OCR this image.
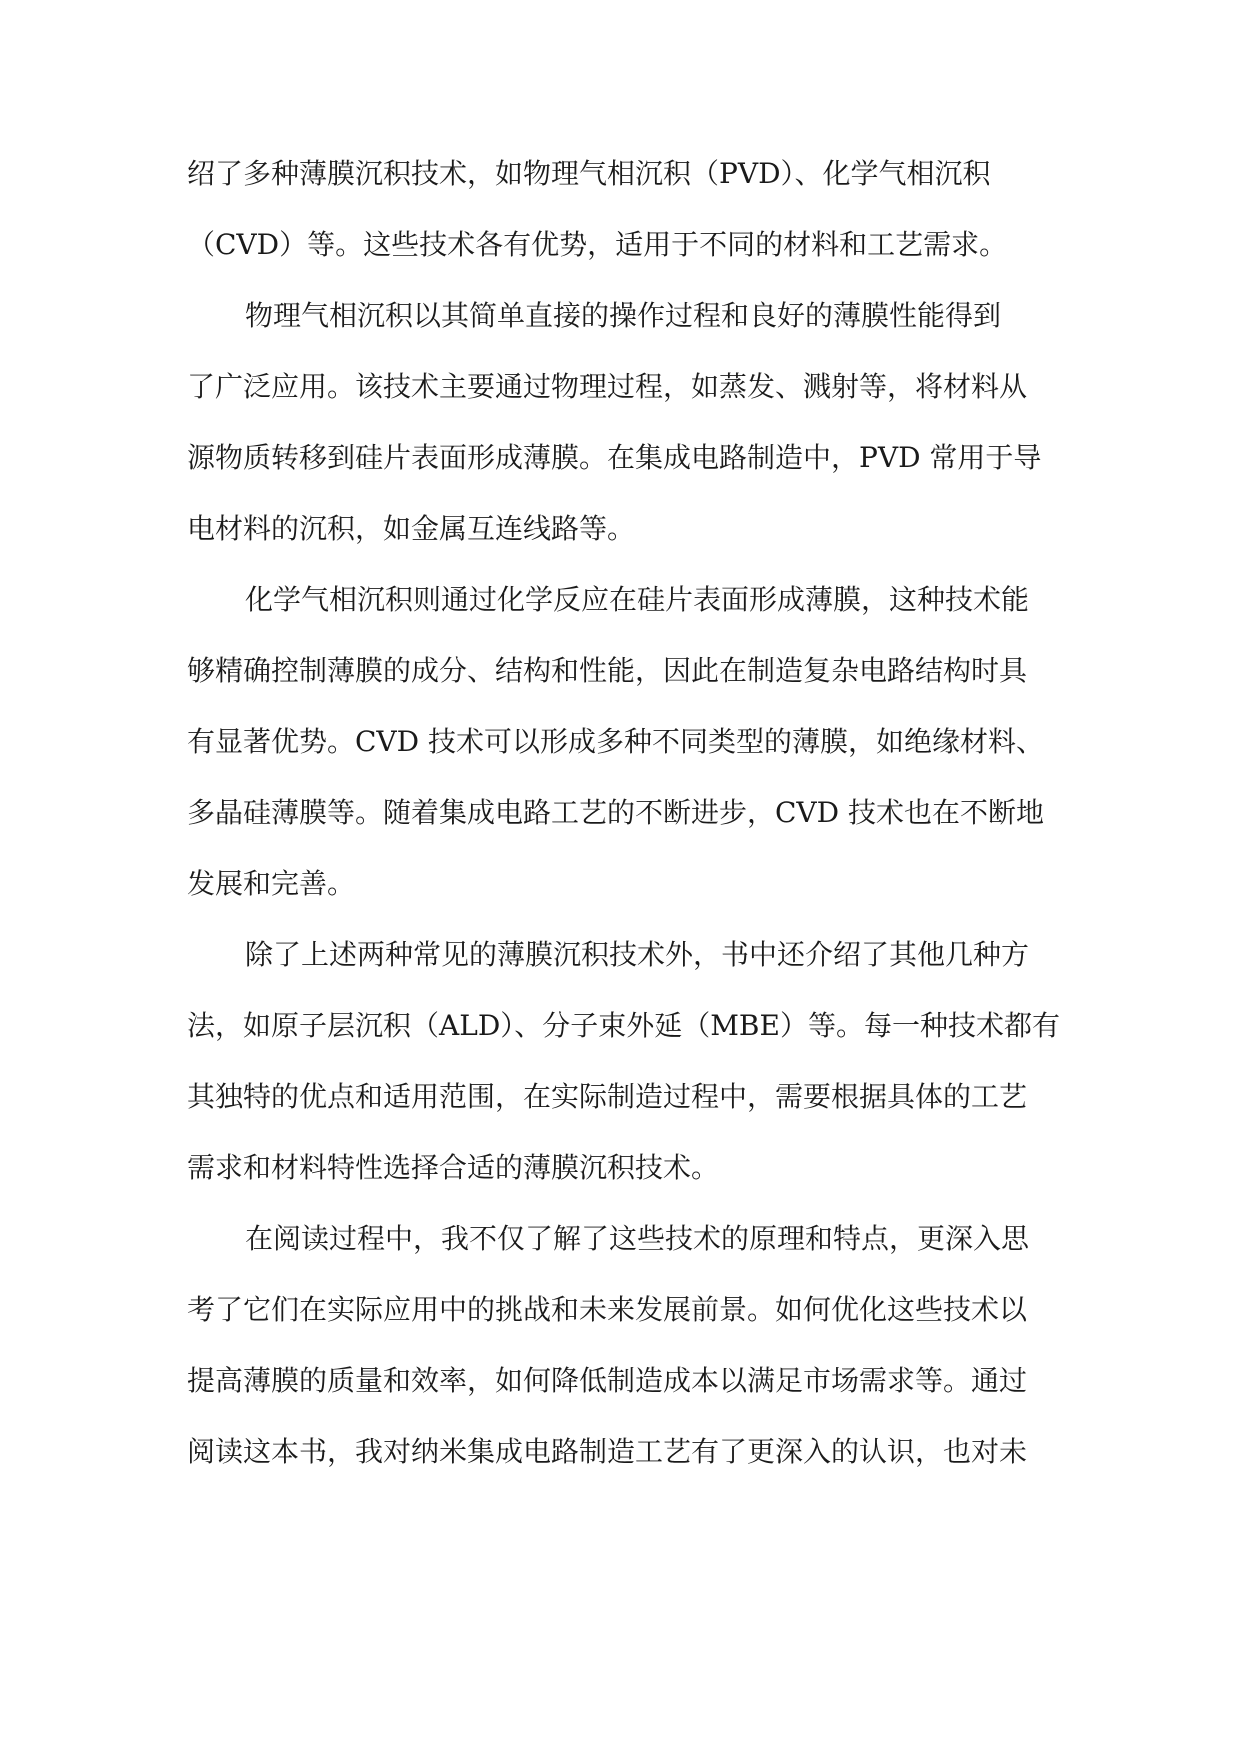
绍了多种薄膜沉积技术，如物理气相沉积（PVD）、化学气相沉积
（CVD）等。这些技术各有优势，适用于不同的材料和工艺需求。
物理气相沉积以其简单直接的操作过程和良好的薄膜性能得到
了广泛应用。该技术主要通过物理过程，如蒸发、溅射等，将材料从
源物质转移到硅片表面形成薄膜。在集成电路制造中，PVD 常用于导
电材料的沉积，如金属互连线路等。
化学气相沉积则通过化学反应在硅片表面形成薄膜，这种技术能
够精确控制薄膜的成分、结构和性能，因此在制造复杂电路结构时具
有显著优势。CVD 技术可以形成多种不同类型的薄膜，如绝缘材料、
多晶硅薄膜等。随着集成电路工艺的不断进步，CVD 技术也在不断地
发展和完善。
除了上述两种常见的薄膜沉积技术外，书中还介绍了其他几种方
法，如原子层沉积（ALD）、分子束外延（MBE）等。每一种技术都有
其独特的优点和适用范围，在实际制造过程中，需要根据具体的工艺
需求和材料特性选择合适的薄膜沉积技术。
在阅读过程中，我不仅了解了这些技术的原理和特点，更深入思
考了它们在实际应用中的挑战和未来发展前景。如何优化这些技术以
提高薄膜的质量和效率，如何降低制造成本以满足市场需求等。通过
阅读这本书，我对纳米集成电路制造工艺有了更深入的认识，也对未
